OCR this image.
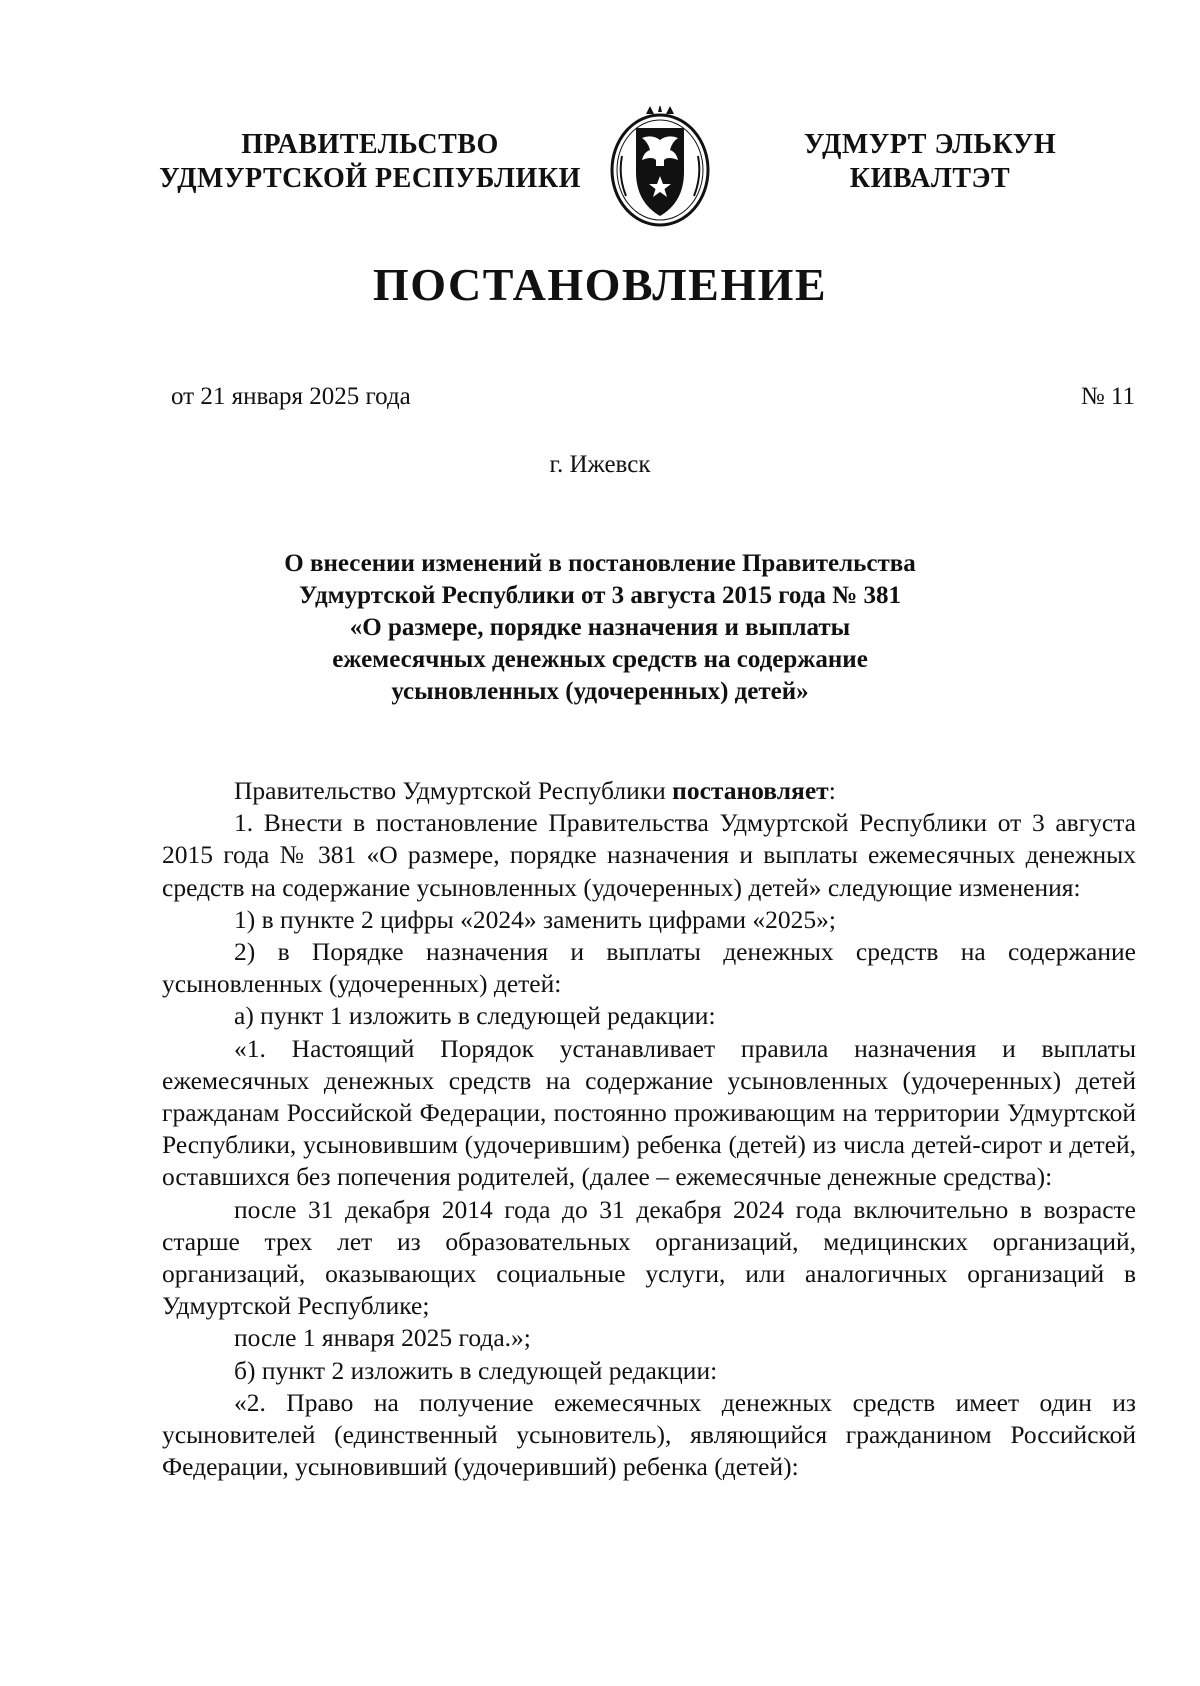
ПРАВИТЕЛЬСТВО
УДМУРТСКОЙ РЕСПУБЛИКИ
УДМУРТ ЭЛЬКУН
КИВАЛТЭТ
ПОСТАНОВЛЕНИЕ
от 21 января 2025 года	№ 11
г. Ижевск
О внесении изменений в постановление Правительства
Удмуртской Республики от 3 августа 2015 года № 381
«О размере, порядке назначения и выплаты
ежемесячных денежных средств на содержание
усыновленных (удочеренных) детей»

Правительство Удмуртской Республики постановляет:

1. Внести в постановление Правительства Удмуртской Республики от 3 августа 2015 года № 381 «О размере, порядке назначения и выплаты ежемесячных денежных средств на содержание усыновленных (удочеренных) детей» следующие изменения:

1) в пункте 2 цифры «2024» заменить цифрами «2025»;

2) в Порядке назначения и выплаты денежных средств на содержание усыновленных (удочеренных) детей:

а) пункт 1 изложить в следующей редакции:

«1. Настоящий Порядок устанавливает правила назначения и выплаты ежемесячных денежных средств на содержание усыновленных (удочеренных) детей гражданам Российской Федерации, постоянно проживающим на территории Удмуртской Республики, усыновившим (удочерившим) ребенка (детей) из числа детей-сирот и детей, оставшихся без попечения родителей, (далее – ежемесячные денежные средства):

после 31 декабря 2014 года до 31 декабря 2024 года включительно в возрасте старше трех лет из образовательных организаций, медицинских организаций, организаций, оказывающих социальные услуги, или аналогичных организаций в Удмуртской Республике;

после 1 января 2025 года.»;

б) пункт 2 изложить в следующей редакции:

«2. Право на получение ежемесячных денежных средств имеет один из усыновителей (единственный усыновитель), являющийся гражданином Российской Федерации, усыновивший (удочеривший) ребенка (детей):
